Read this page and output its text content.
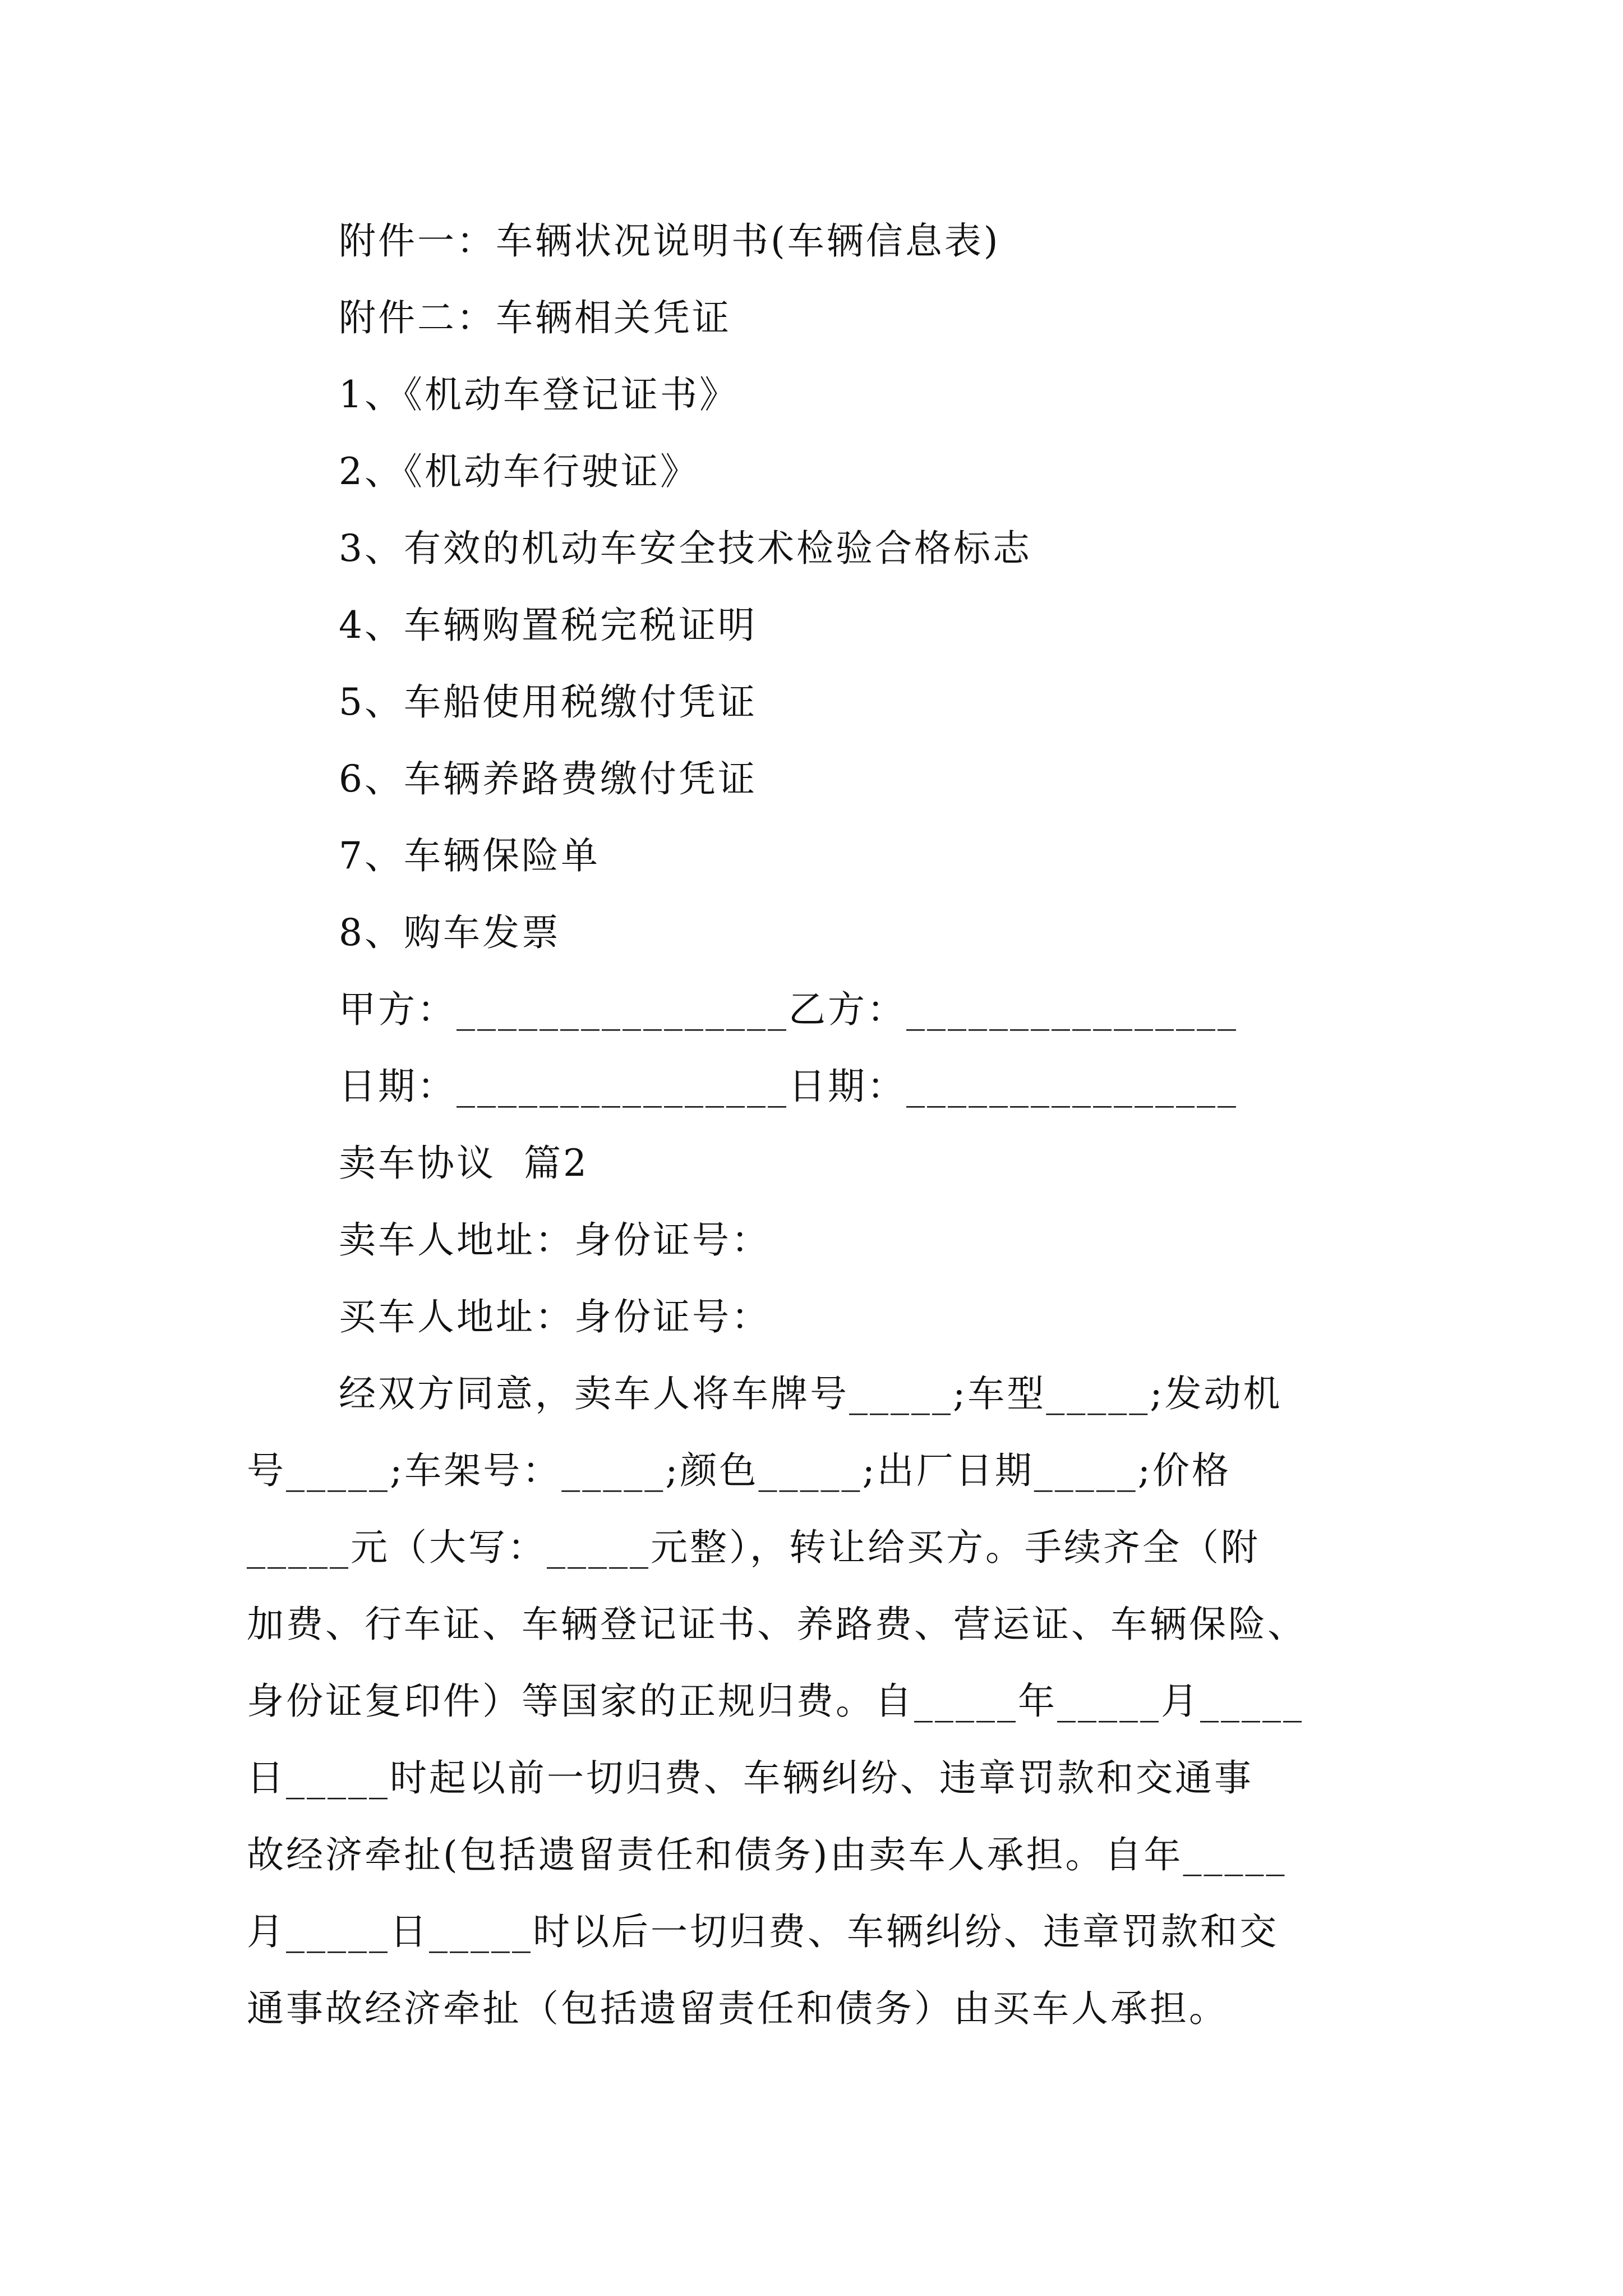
附件一：车辆状况说明书(车辆信息表)
附件二：车辆相关凭证
1、《机动车登记证书》
2、《机动车行驶证》
3、有效的机动车安全技术检验合格标志
4、车辆购置税完税证明
5、车船使用税缴付凭证
6、车辆养路费缴付凭证
7、车辆保险单
8、购车发票
甲方：________________乙方：________________
日期：________________日期：________________
卖车协议  篇2
卖车人地址：身份证号：
买车人地址：身份证号：
经双方同意，卖车人将车牌号_____;车型_____;发动机
号_____;车架号：_____;颜色_____;出厂日期_____;价格
_____元（大写：_____元整），转让给买方。手续齐全（附
加费、行车证、车辆登记证书、养路费、营运证、车辆保险、
身份证复印件）等国家的正规归费。自_____年_____月_____
日_____时起以前一切归费、车辆纠纷、违章罚款和交通事
故经济牵扯(包括遗留责任和债务)由卖车人承担。自年_____
月_____日_____时以后一切归费、车辆纠纷、违章罚款和交
通事故经济牵扯（包括遗留责任和债务）由买车人承担。
